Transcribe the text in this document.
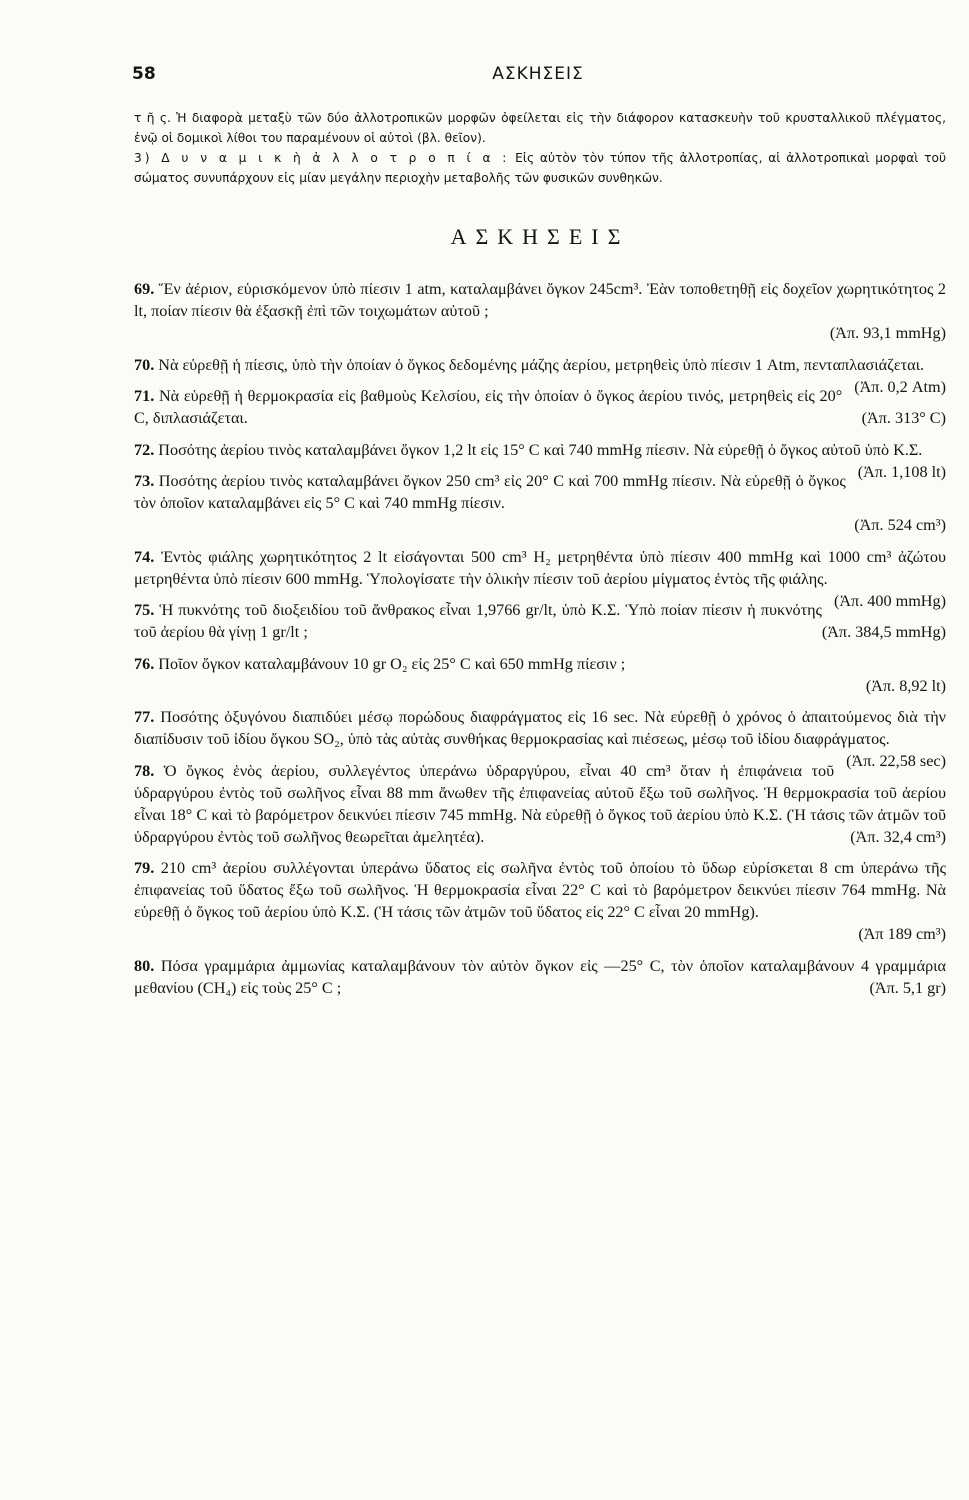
58	ΑΣΚΗΣΕΙΣ

τ ῆ ς. Ἡ διαφορὰ μεταξὺ τῶν δύο ἀλλοτροπικῶν μορφῶν ὀφείλεται εἰς τὴν διάφορον κατασκευὴν τοῦ κρυσταλλικοῦ πλέγματος, ἐνῷ οἱ δομικοὶ λίθοι του παραμένουν οἱ αὐτοὶ (βλ. θεῖον).

3) Δ υ ν α μ ι κ ὴ ἀ λ λ ο τ ρ ο π ί α : Εἰς αὐτὸν τὸν τύπον τῆς ἀλλοτροπίας, αἱ ἀλλοτροπικαὶ μορφαὶ τοῦ σώματος συνυπάρχουν εἰς μίαν μεγάλην περιοχὴν μεταβολῆς τῶν φυσικῶν συνθηκῶν.

ΑΣΚΗΣΕΙΣ

69. Ἕν ἀέριον, εὑρισκόμενον ὑπὸ πίεσιν 1 atm, καταλαμβάνει ὄγκον 245cm³. Ἐὰν τοποθετηθῇ εἰς δοχεῖον χωρητικότητος 2 lt, ποίαν πίεσιν θὰ ἐξασκῇ ἐπὶ τῶν τοιχωμάτων αὐτοῦ ;
(Ἀπ. 93,1 mmHg)

70. Νὰ εὑρεθῇ ἡ πίεσις, ὑπὸ τὴν ὁποίαν ὁ ὄγκος δεδομένης μάζης ἀερίου, μετρηθεὶς ὑπὸ πίεσιν 1 Atm, πενταπλασιάζεται.
(Ἀπ. 0,2 Atm)

71. Νὰ εὑρεθῇ ἡ θερμοκρασία εἰς βαθμοὺς Κελσίου, εἰς τὴν ὁποίαν ὁ ὄγκος ἀερίου τινός, μετρηθεὶς εἰς 20° C, διπλασιάζεται.	(Ἀπ. 313° C)

72. Ποσότης ἀερίου τινὸς καταλαμβάνει ὄγκον 1,2 lt εἰς 15° C καὶ 740 mmHg πίεσιν. Νὰ εὑρεθῇ ὁ ὄγκος αὐτοῦ ὑπὸ Κ.Σ.
(Ἀπ. 1,108 lt)

73. Ποσότης ἀερίου τινὸς καταλαμβάνει ὄγκον 250 cm³ εἰς 20° C καὶ 700 mmHg πίεσιν. Νὰ εὑρεθῇ ὁ ὄγκος τὸν ὁποῖον καταλαμβάνει εἰς 5° C καὶ 740 mmHg πίεσιν.
(Ἀπ. 524 cm³)

74. Ἐντὸς φιάλης χωρητικότητος 2 lt εἰσάγονται 500 cm³ H₂ μετρηθέντα ὑπὸ πίεσιν 400 mmHg καὶ 1000 cm³ ἀζώτου μετρηθέντα ὑπὸ πίεσιν 600 mmHg. Ὑπολογίσατε τὴν ὁλικὴν πίεσιν τοῦ ἀερίου μίγματος ἐντὸς τῆς φιάλης.
(Ἀπ. 400 mmHg)

75. Ἡ πυκνότης τοῦ διοξειδίου τοῦ ἄνθρακος εἶναι 1,9766 gr/lt, ὑπὸ Κ.Σ. Ὑπὸ ποίαν πίεσιν ἡ πυκνότης τοῦ ἀερίου θὰ γίνῃ 1 gr/lt ;	(Ἀπ. 384,5 mmHg)

76. Ποῖον ὄγκον καταλαμβάνουν 10 gr O₂ εἰς 25° C καὶ 650 mmHg πίεσιν ;
(Ἀπ. 8,92 lt)

77. Ποσότης ὀξυγόνου διαπιδύει μέσῳ πορώδους διαφράγματος εἰς 16 sec. Νὰ εὑρεθῇ ὁ χρόνος ὁ ἀπαιτούμενος διὰ τὴν διαπίδυσιν τοῦ ἰδίου ὄγκου SO₂, ὑπὸ τὰς αὐτὰς συνθήκας θερμοκρασίας καὶ πιέσεως, μέσῳ τοῦ ἰδίου διαφράγματος.
(Ἀπ. 22,58 sec)

78. Ὁ ὄγκος ἑνὸς ἀερίου, συλλεγέντος ὑπεράνω ὑδραργύρου, εἶναι 40 cm³ ὅταν ἡ ἐπιφάνεια τοῦ ὑδραργύρου ἐντὸς τοῦ σωλῆνος εἶναι 88 mm ἄνωθεν τῆς ἐπιφανείας αὐτοῦ ἔξω τοῦ σωλῆνος. Ἡ θερμοκρασία τοῦ ἀερίου εἶναι 18° C καὶ τὸ βαρόμετρον δεικνύει πίεσιν 745 mmHg. Νὰ εὑρεθῇ ὁ ὄγκος τοῦ ἀερίου ὑπὸ Κ.Σ. (Ἡ τάσις τῶν ἀτμῶν τοῦ ὑδραργύρου ἐντὸς τοῦ σωλῆνος θεωρεῖται ἀμελητέα).	(Ἀπ. 32,4 cm³)

79. 210 cm³ ἀερίου συλλέγονται ὑπεράνω ὕδατος εἰς σωλῆνα ἐντὸς τοῦ ὁποίου τὸ ὕδωρ εὑρίσκεται 8 cm ὑπεράνω τῆς ἐπιφανείας τοῦ ὕδατος ἔξω τοῦ σωλῆνος. Ἡ θερμοκρασία εἶναι 22° C καὶ τὸ βαρόμετρον δεικνύει πίεσιν 764 mmHg. Νὰ εὑρεθῇ ὁ ὄγκος τοῦ ἀερίου ὑπὸ Κ.Σ. (Ἡ τάσις τῶν ἀτμῶν τοῦ ὕδατος εἰς 22° C εἶναι 20 mmHg).
(Ἀπ 189 cm³)

80. Πόσα γραμμάρια ἀμμωνίας καταλαμβάνουν τὸν αὐτὸν ὄγκον εἰς —25° C, τὸν ὁποῖον καταλαμβάνουν 4 γραμμάρια μεθανίου (CH₄) εἰς τοὺς 25° C ;	(Ἀπ. 5,1 gr)
